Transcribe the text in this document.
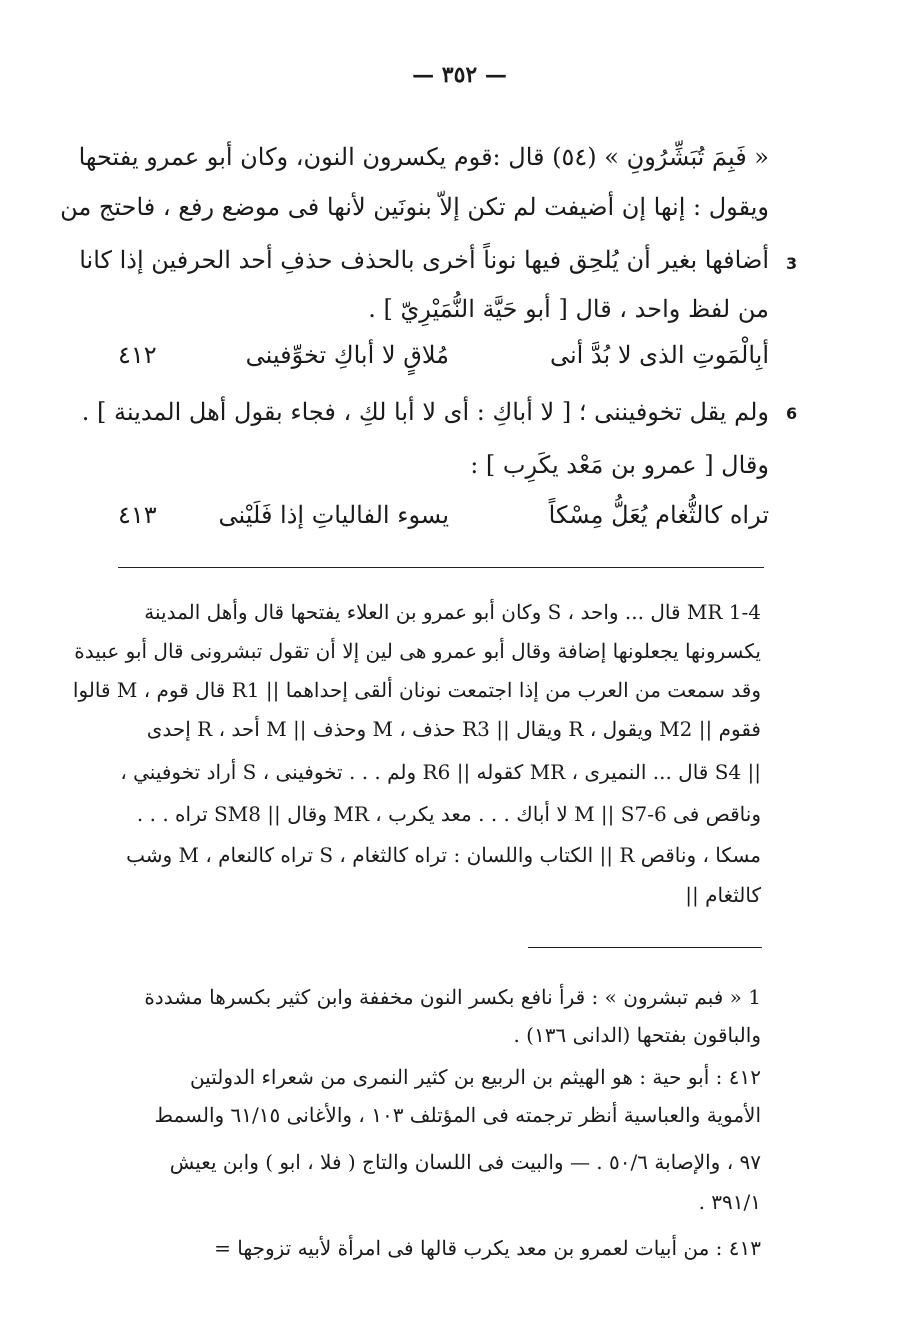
— ٣٥٢ —
« فَبِمَ تُبَشِّرُونِ » (٥٤) قال :قوم يكسرون النون، وكان أبو عمرو يفتحها
ويقول : إنها إن أضيفت لم تكن إلاّ بنونَين لأنها فى موضع رفع ، فاحتج من
أضافها بغير أن يُلحِق فيها نوناً أخرى بالحذف حذفِ أحد الحرفين إذا كانا 3
من لفظ واحد ، قال [ أبو حَيَّة النُّمَيْرِيّ ] .
أبِالْمَوتِ الذى لا بُدَّ أنى
مُلاقٍ لا أباكِ تخوِّفينى
٤١٢
ولم يقل تخوفيننى ؛ [ لا أباكِ : أى لا أبا لكِ ، فجاء بقول أهل المدينة ] . 6
وقال [ عمرو بن مَعْد يكَرِب ] :
تراه كالثُّغام يُعَلُّ مِسْكاً
يسوء الفالياتِ إذا فَلَيْنى
٤١٣
1-4 MR قال ... واحد ، S وكان أبو عمرو بن العلاء يفتحها قال وأهل المدينة
يكسرونها يجعلونها إضافة وقال أبو عمرو هى لين إلا أن تقول تبشرونى قال أبو عبيدة
وقد سمعت من العرب من إذا اجتمعت نونان ألقى إحداهما || R1 قال قوم ، M قالوا
فقوم || M2 ويقول ، R ويقال || R3 حذف ، M وحذف || M أحد ، R إحدى
|| S4 قال ... النميرى ، MR كقوله || R6 ولم . . . تخوفينى ، S أراد تخوفيني ،
وناقص فى M || S7-6 لا أباك . . . معد يكرب ، MR وقال || SM8 تراه . . .
مسكا ، وناقص R || الكتاب واللسان : تراه كالثغام ، S تراه كالنعام ، M وشب
كالثغام ||
1 « فبم تبشرون » : قرأ نافع بكسر النون مخففة وابن كثير بكسرها مشددة
والباقون بفتحها (الدانى ١٣٦) .
٤١٢ : أبو حية : هو الهيثم بن الربيع بن كثير النمرى من شعراء الدولتين
الأموية والعباسية أنظر ترجمته فى المؤتلف ١٠٣ ، والأغانى ٦١/١٥ والسمط
٩٧ ، والإصابة ٥٠/٦ . — والبيت فى اللسان والتاج ( فلا ، ابو ) وابن يعيش
٣٩١/١ .
٤١٣ : من أبيات لعمرو بن معد يكرب قالها فى امرأة لأبيه تزوجها =
